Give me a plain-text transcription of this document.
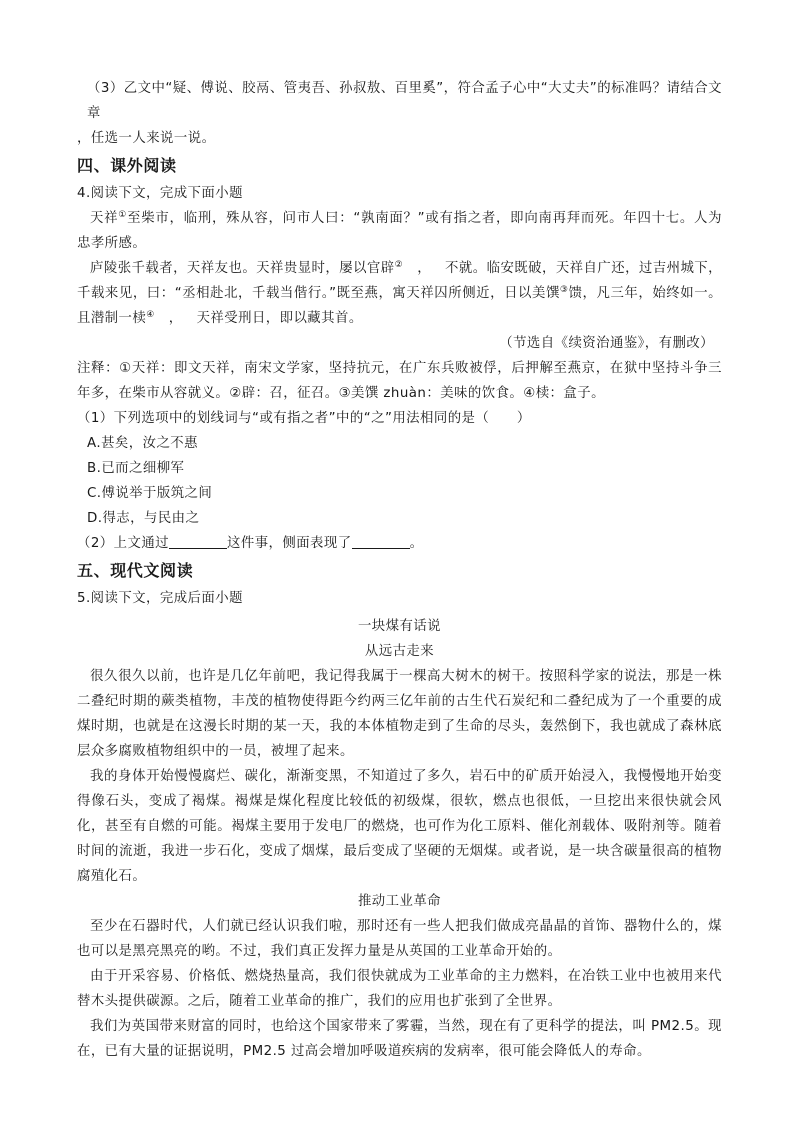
（3）乙文中“疑、傅说、胶鬲、管夷吾、孙叔敖、百里奚”，符合孟子心中“大丈夫”的标准吗？请结合文章

，任选一人来说一说。

四、课外阅读

4.阅读下文，完成下面小题

天祥①至柴市，临刑，殊从容，问市人曰：“孰南面？”或有指之者，即向南再拜而死。年四十七。人为忠孝所感。

庐陵张千载者，天祥友也。天祥贵显时，屡以官辟② ， 不就。临安既破，天祥自广还，过吉州城下，千载来见，曰：“丞相赴北，千载当偕行。”既至燕，寓天祥囚所侧近，日以美馔③馈，凡三年，始终如一。且潜制一椟④ ， 天祥受刑日，即以藏其首。

（节选自《续资治通鉴》，有删改）

注释：①天祥：即文天祥，南宋文学家，坚持抗元，在广东兵败被俘，后押解至燕京，在狱中坚持斗争三年多，在柴市从容就义。②辟：召，征召。③美馔 zhuàn：美味的饮食。④椟：盒子。

（1）下列选项中的划线词与“或有指之者”中的“之”用法相同的是（　　）

A.甚矣，汝之不惠

B.已而之细柳军

C.傅说举于版筑之间

D.得志，与民由之

（2）上文通过	这件事，侧面表现了	。

五、现代文阅读

5.阅读下文，完成后面小题

一块煤有话说

从远古走来

很久很久以前，也许是几亿年前吧，我记得我属于一棵高大树木的树干。按照科学家的说法，那是一株二叠纪时期的蕨类植物，丰茂的植物使得距今约两三亿年前的古生代石炭纪和二叠纪成为了一个重要的成煤时期，也就是在这漫长时期的某一天，我的本体植物走到了生命的尽头，轰然倒下，我也就成了森林底层众多腐败植物组织中的一员，被埋了起来。

我的身体开始慢慢腐烂、碳化，渐渐变黑，不知道过了多久，岩石中的矿质开始浸入，我慢慢地开始变得像石头，变成了褐煤。褐煤是煤化程度比较低的初级煤，很软，燃点也很低，一旦挖出来很快就会风化，甚至有自燃的可能。褐煤主要用于发电厂的燃烧，也可作为化工原料、催化剂载体、吸附剂等。随着时间的流逝，我进一步石化，变成了烟煤，最后变成了坚硬的无烟煤。或者说，是一块含碳量很高的植物腐殖化石。

推动工业革命

至少在石器时代，人们就已经认识我们啦，那时还有一些人把我们做成亮晶晶的首饰、器物什么的，煤也可以是黑亮黑亮的哟。不过，我们真正发挥力量是从英国的工业革命开始的。

由于开采容易、价格低、燃烧热量高，我们很快就成为工业革命的主力燃料，在冶铁工业中也被用来代替木头提供碳源。之后，随着工业革命的推广，我们的应用也扩张到了全世界。

我们为英国带来财富的同时，也给这个国家带来了雾霾，当然，现在有了更科学的提法，叫 PM2.5。现在，已有大量的证据说明，PM2.5 过高会增加呼吸道疾病的发病率，很可能会降低人的寿命。
